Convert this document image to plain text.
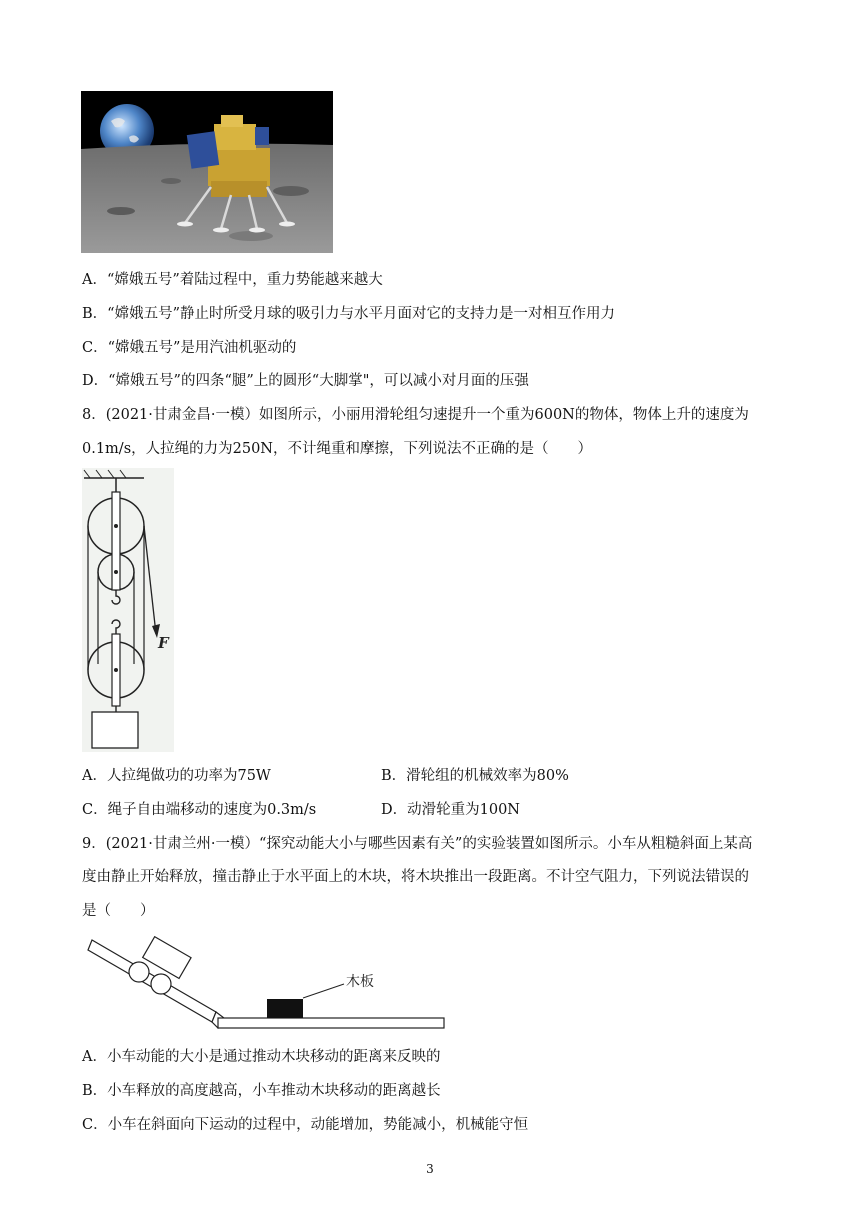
A．“嫦娥五号”着陆过程中，重力势能越来越大
B．“嫦娥五号”静止时所受月球的吸引力与水平月面对它的支持力是一对相互作用力
C．“嫦娥五号”是用汽油机驱动的
D．“嫦娥五号”的四条“腿”上的圆形“大脚掌"，可以减小对月面的压强
8．(2021·甘肃金昌·一模）如图所示，小丽用滑轮组匀速提升一个重为600N的物体，物体上升的速度为
0.1m/s，人拉绳的力为250N，不计绳重和摩擦，下列说法不正确的是（　　）
F
A．人拉绳做功的功率为75W	B．滑轮组的机械效率为80%
C．绳子自由端移动的速度为0.3m/s	D．动滑轮重为100N
9．(2021·甘肃兰州·一模）“探究动能大小与哪些因素有关”的实验装置如图所示。小车从粗糙斜面上某高
度由静止开始释放，撞击静止于水平面上的木块，将木块推出一段距离。不计空气阻力，下列说法错误的
是（　　）
木板
A．小车动能的大小是通过推动木块移动的距离来反映的
B．小车释放的高度越高，小车推动木块移动的距离越长
C．小车在斜面向下运动的过程中，动能增加，势能减小，机械能守恒
3
